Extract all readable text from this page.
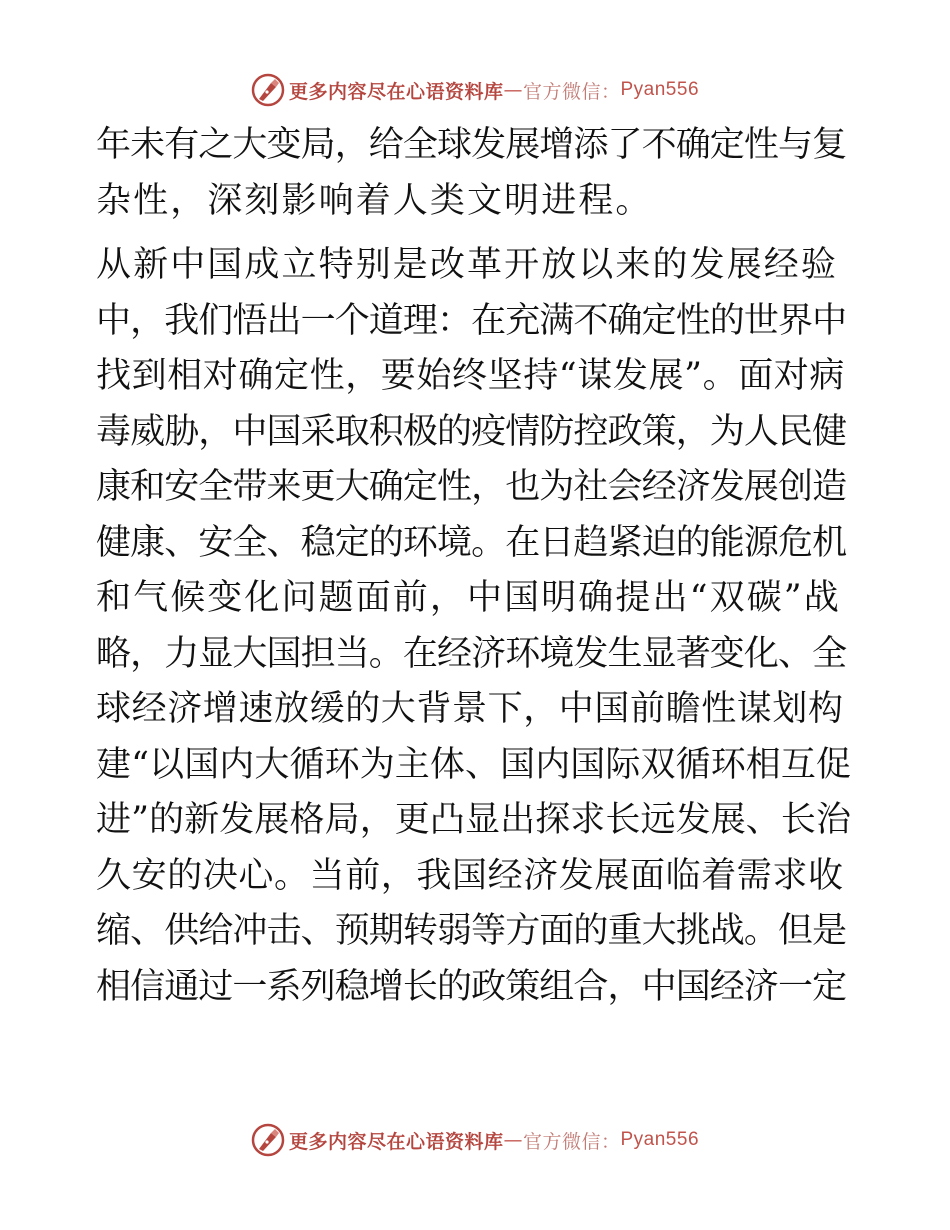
更多内容尽在心语资料库 — 官方微信： Pyan556

年未有之大变局，给全球发展增添了不确定性与复
杂性，深刻影响着人类文明进程。

从新中国成立特别是改革开放以来的发展经验
中，我们悟出一个道理：在充满不确定性的世界中
找到相对确定性，要始终坚持“谋发展”。面对病
毒威胁，中国采取积极的疫情防控政策，为人民健
康和安全带来更大确定性，也为社会经济发展创造
健康、安全、稳定的环境。在日趋紧迫的能源危机
和气候变化问题面前，中国明确提出“双碳”战
略，力显大国担当。在经济环境发生显著变化、全
球经济增速放缓的大背景下，中国前瞻性谋划构
建“以国内大循环为主体、国内国际双循环相互促
进”的新发展格局，更凸显出探求长远发展、长治
久安的决心。当前，我国经济发展面临着需求收
缩、供给冲击、预期转弱等方面的重大挑战。但是
相信通过一系列稳增长的政策组合，中国经济一定

更多内容尽在心语资料库 — 官方微信： Pyan556
